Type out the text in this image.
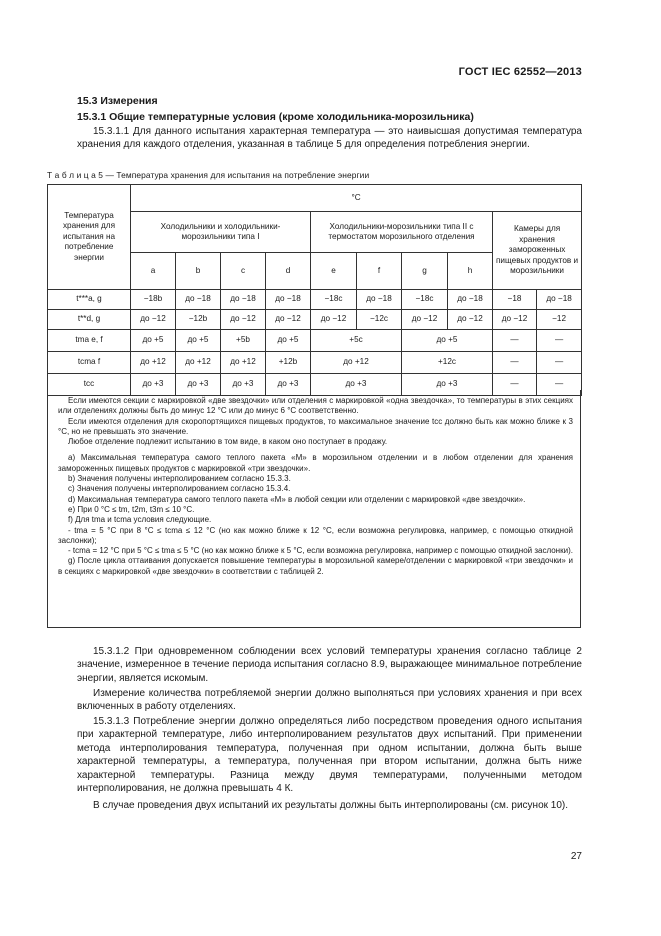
ГОСТ IEC 62552—2013
15.3 Измерения
15.3.1 Общие температурные условия (кроме холодильника-морозильника)
15.3.1.1 Для данного испытания характерная температура — это наивысшая допустимая температура хранения для каждого отделения, указанная в таблице 5 для определения потребления энергии.
Т а б л и ц а 5 — Температура хранения для испытания на потребление энергии
Температура хранения для испытания на потребление энергии	°C									
	Холодильники и холодильники-морозильники типа I				Холодильники-морозильники типа II с термостатом морозильного отделения				Камеры для хранения замороженных пищевых продуктов и морозильники	
	a	b	c	d	e	f	g	h		
t***a, g	−18b	до −18	до −18	до −18	−18c	до −18	−18c	до −18	−18	до −18
t**d, g	до −12	−12b	до −12	до −12	до −12	−12c	до −12	до −12	до −12	−12
tma e, f	до +5	до +5	+5b	до +5	+5c		до +5		—	—
tcma f	до +12	до +12	до +12	+12b	до +12		+12c		—	—
tcc	до +3	до +3	до +3	до +3	до +3		до +3		—	—

Если имеются секции с маркировкой «две звездочки» или отделения с маркировкой «одна звездочка», то температуры в этих секциях или отделениях должны быть до минус 12 °С или до минус 6 °С соответственно.

Если имеются отделения для скоропортящихся пищевых продуктов, то максимальное значение tcc должно быть как можно ближе к 3 °С, но не превышать это значение.

Любое отделение подлежит испытанию в том виде, в каком оно поступает в продажу.

a) Максимальная температура самого теплого пакета «М» в морозильном отделении и в любом отделении для хранения замороженных пищевых продуктов с маркировкой «три звездочки».

b) Значения получены интерполированием согласно 15.3.3.

c) Значения получены интерполированием согласно 15.3.4.

d) Максимальная температура самого теплого пакета «М» в любой секции или отделении с маркировкой «две звездочки».

e) При 0 °С ≤ tm, t2m, t3m ≤ 10 °С.

f) Для tma и tcma условия следующие.

- tma = 5 °С при 8 °С ≤ tcma ≤ 12 °С (но как можно ближе к 12 °С, если возможна регулировка, например, с помощью откидной заслонки);

- tcma = 12 °С при 5 °С ≤ tma ≤ 5 °С (но как можно ближе к 5 °С, если возможна регулировка, например с помощью откидной заслонки).

g) После цикла оттаивания допускается повышение температуры в морозильной камере/отделении с маркировкой «три звездочки» и в секциях с маркировкой «две звездочки» в соответствии с таблицей 2.

15.3.1.2 При одновременном соблюдении всех условий температуры хранения согласно таблице 2 значение, измеренное в течение периода испытания согласно 8.9, выражающее минимальное потребление энергии, является искомым.
Измерение количества потребляемой энергии должно выполняться при условиях хранения и при всех включенных в работу отделениях.
15.3.1.3 Потребление энергии должно определяться либо посредством проведения одного испытания при характерной температуре, либо интерполированием результатов двух испытаний. При применении метода интерполирования температура, полученная при одном испытании, должна быть выше характерной температуры, а температура, полученная при втором испытании, должна быть ниже характерной температуры. Разница между двумя температурами, полученными методом интерполирования, не должна превышать 4 К.
В случае проведения двух испытаний их результаты должны быть интерполированы (см. рисунок 10).
27
